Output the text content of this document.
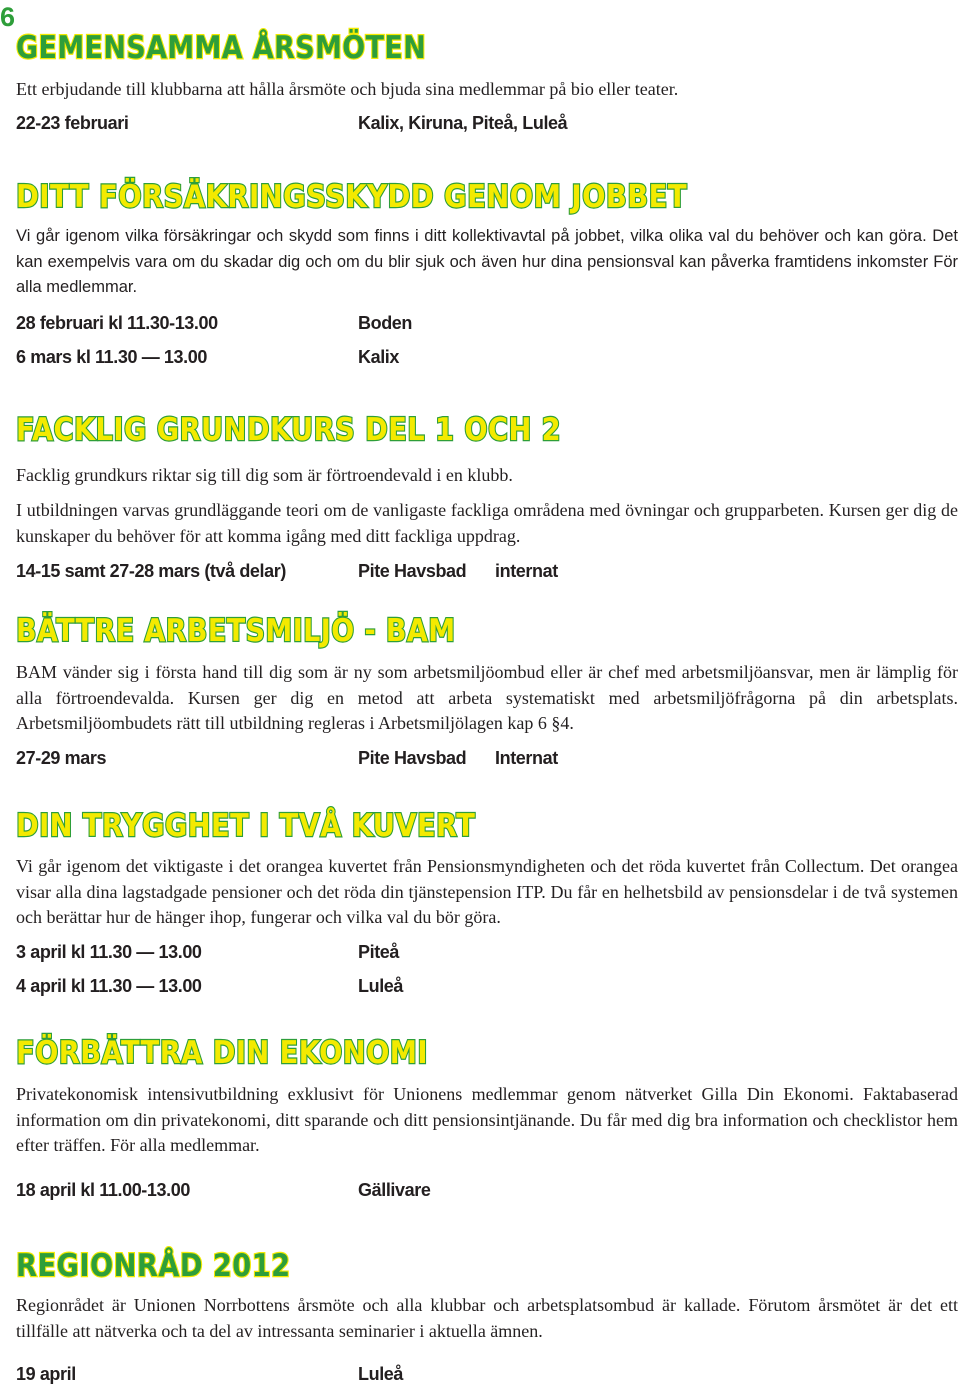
6
GEMENSAMMA ÅRSMÖTEN

Ett erbjudande till klubbarna att hålla årsmöte och bjuda sina medlemmar på bio eller teater.

22-23 februari	Kalix, Kiruna, Piteå, Luleå
DITT FÖRSÄKRINGSSKYDD GENOM JOBBET

Vi går igenom vilka försäkringar och skydd som finns i ditt kollektivavtal på jobbet, vilka olika val du behöver och kan göra. Det kan exempelvis vara om du skadar dig och om du blir sjuk och även hur dina pensionsval kan påverka framtidens inkomster För alla medlemmar.

28 februari kl 11.30-13.00	Boden
6 mars kl 11.30 — 13.00	Kalix
FACKLIG GRUNDKURS DEL 1 OCH 2

Facklig grundkurs riktar sig till dig som är förtroendevald i en klubb.

I utbildningen varvas grundläggande teori om de vanligaste fackliga områdena med övningar och grupparbeten. Kursen ger dig de kunskaper du behöver för att komma igång med ditt fackliga uppdrag.

14-15 samt 27-28 mars (två delar)	Pite Havsbad internat
BÄTTRE ARBETSMILJÖ - BAM

BAM vänder sig i första hand till dig som är ny som arbetsmiljöombud eller är chef med arbetsmiljöansvar, men är lämplig för alla förtroendevalda. Kursen ger dig en metod att arbeta systematiskt med arbetsmiljöfrågorna på din arbetsplats. Arbetsmiljöombudets rätt till utbildning regleras i Arbetsmiljölagen kap 6 §4.

27-29 mars	Pite Havsbad Internat
DIN TRYGGHET I TVÅ KUVERT

Vi går igenom det viktigaste i det orangea kuvertet från Pensionsmyndigheten och det röda kuvertet från Collectum. Det orangea visar alla dina lagstadgade pensioner och det röda din tjänstepension ITP. Du får en helhetsbild av pensionsdelar i de två systemen och berättar hur de hänger ihop, fungerar och vilka val du bör göra.

3 april kl 11.30 — 13.00	Piteå
4 april kl 11.30 — 13.00	Luleå
FÖRBÄTTRA DIN EKONOMI

Privatekonomisk intensivutbildning exklusivt för Unionens medlemmar genom nätverket Gilla Din Ekonomi. Faktabaserad information om din privatekonomi, ditt sparande och ditt pensionsintjänande. Du får med dig bra information och checklistor hem efter träffen. För alla medlemmar.

18 april kl 11.00-13.00	Gällivare
REGIONRÅD 2012

Regionrådet är Unionen Norrbottens årsmöte och alla klubbar och arbetsplatsombud är kallade. Förutom årsmötet är det ett tillfälle att nätverka och ta del av intressanta seminarier i aktuella ämnen.

19 april	Luleå
